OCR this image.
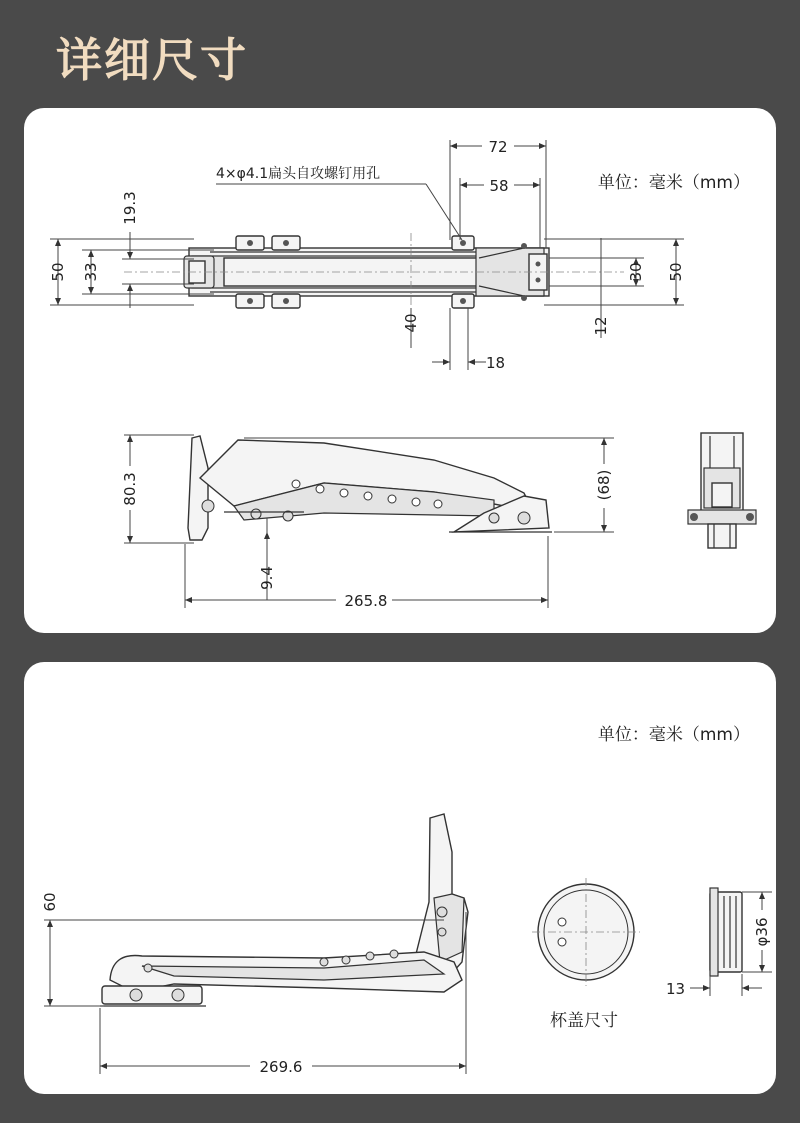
详细尺寸
单位：毫米（mm）
50 33
19.3
72
58
4×φ4.1扁头自攻螺钉用孔
40
18
30
12
50
80.3	(68)
9.4
265.8
单位：毫米（mm）
60
269.6
杯盖尺寸
φ36
13
